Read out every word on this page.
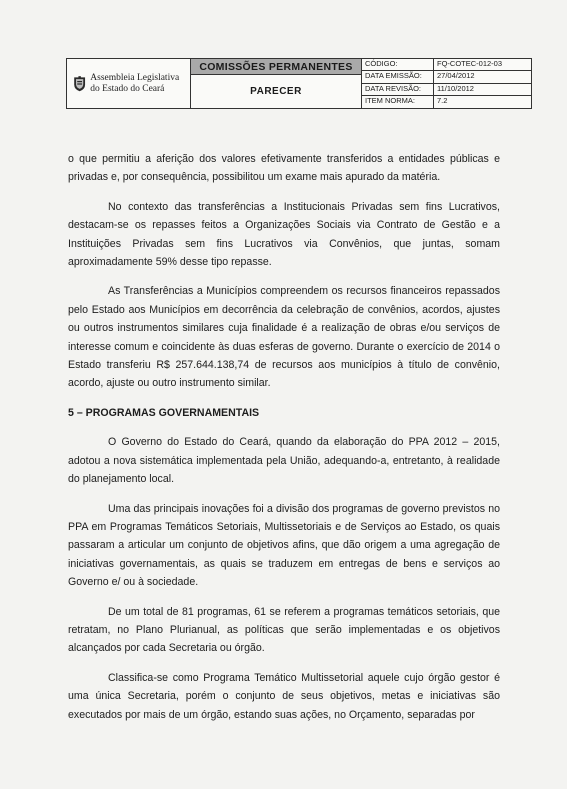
Assembleia Legislativa do Estado do Ceará
COMISSÕES PERMANENTES
PARECER
CÓDIGO:	FQ-COTEC-012-03
DATA EMISSÃO:	27/04/2012
DATA REVISÃO:	11/10/2012
ITEM NORMA:	7.2

o que permitiu a aferição dos valores efetivamente transferidos a entidades públicas e privadas e, por consequência, possibilitou um exame mais apurado da matéria.

No contexto das transferências a Institucionais Privadas sem fins Lucrativos, destacam-se os repasses feitos a Organizações Sociais via Contrato de Gestão e a Instituições Privadas sem fins Lucrativos via Convênios, que juntas, somam aproximadamente 59% desse tipo repasse.

As Transferências a Municípios compreendem os recursos financeiros repassados pelo Estado aos Municípios em decorrência da celebração de convênios, acordos, ajustes ou outros instrumentos similares cuja finalidade é a realização de obras e/ou serviços de interesse comum e coincidente às duas esferas de governo. Durante o exercício de 2014 o Estado transferiu R$ 257.644.138,74 de recursos aos municípios à título de convênio, acordo, ajuste ou outro instrumento similar.

5 – PROGRAMAS GOVERNAMENTAIS

O Governo do Estado do Ceará, quando da elaboração do PPA 2012 – 2015, adotou a nova sistemática implementada pela União, adequando-a, entretanto, à realidade do planejamento local.

Uma das principais inovações foi a divisão dos programas de governo previstos no PPA em Programas Temáticos Setoriais, Multissetoriais e de Serviços ao Estado, os quais passaram a articular um conjunto de objetivos afins, que dão origem a uma agregação de iniciativas governamentais, as quais se traduzem em entregas de bens e serviços ao Governo e/ ou à sociedade.

De um total de 81 programas, 61 se referem a programas temáticos setoriais, que retratam, no Plano Plurianual, as políticas que serão implementadas e os objetivos alcançados por cada Secretaria ou órgão.

Classifica-se como Programa Temático Multissetorial aquele cujo órgão gestor é uma única Secretaria, porém o conjunto de seus objetivos, metas e iniciativas são executados por mais de um órgão, estando suas ações, no Orçamento, separadas por
